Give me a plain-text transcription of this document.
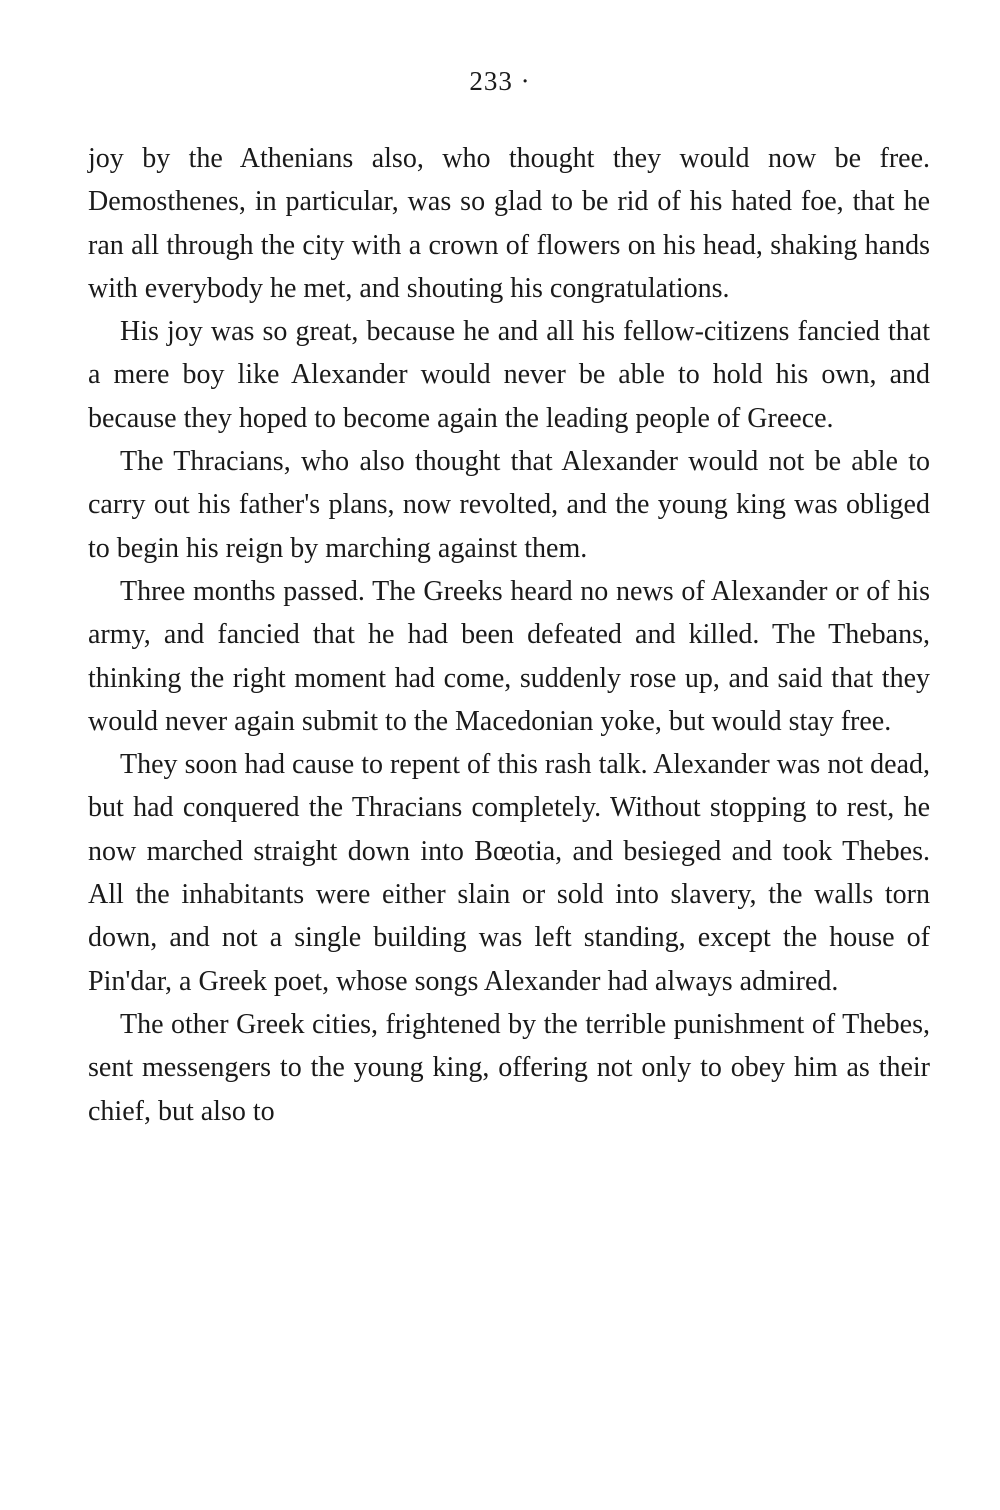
233 ·

joy by the Athenians also, who thought they would now be free. Demosthenes, in particular, was so glad to be rid of his hated foe, that he ran all through the city with a crown of flowers on his head, shaking hands with everybody he met, and shouting his congratulations.

His joy was so great, because he and all his fellow-citizens fancied that a mere boy like Alexander would never be able to hold his own, and because they hoped to become again the leading people of Greece.

The Thracians, who also thought that Alexander would not be able to carry out his father's plans, now revolted, and the young king was obliged to begin his reign by marching against them.

Three months passed. The Greeks heard no news of Alexander or of his army, and fancied that he had been defeated and killed. The Thebans, thinking the right moment had come, suddenly rose up, and said that they would never again submit to the Macedonian yoke, but would stay free.

They soon had cause to repent of this rash talk. Alexander was not dead, but had conquered the Thracians completely. Without stopping to rest, he now marched straight down into Bœotia, and besieged and took Thebes. All the inhabitants were either slain or sold into slavery, the walls torn down, and not a single building was left standing, except the house of Pin'dar, a Greek poet, whose songs Alexander had always admired.

The other Greek cities, frightened by the terrible punishment of Thebes, sent messengers to the young king, offering not only to obey him as their chief, but also to
